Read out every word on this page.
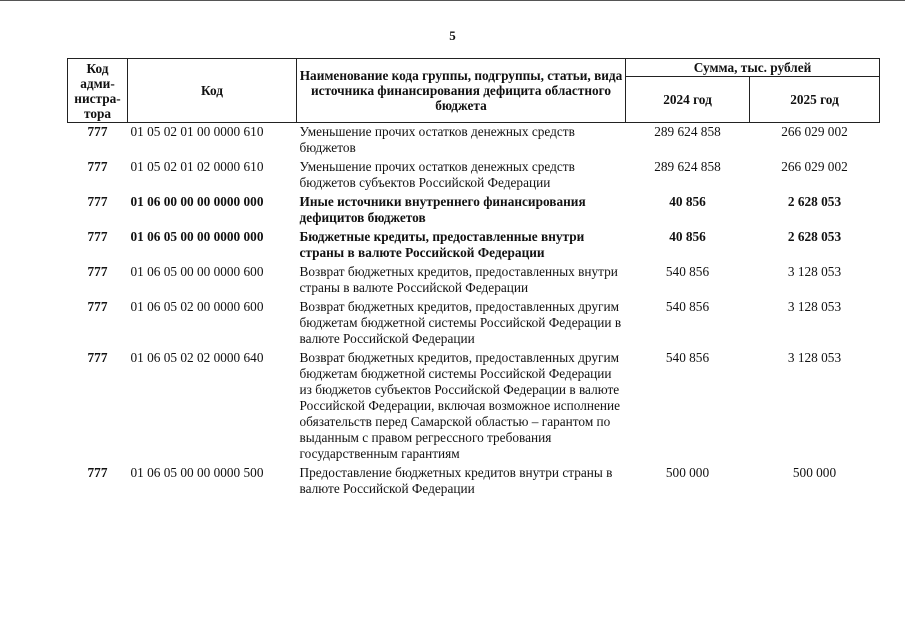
5
Код адми-нистра-тора	Код	Наименование кода группы, подгруппы, статьи, вида источника финансирования дефицита областного бюджета	Сумма, тыс. рублей	
			2024 год	2025 год
777	01 05 02 01 00 0000 610	Уменьшение прочих остатков денежных средств бюджетов	289 624 858	266 029 002
777	01 05 02 01 02 0000 610	Уменьшение прочих остатков денежных средств бюджетов субъектов Российской Федерации	289 624 858	266 029 002
777	01 06 00 00 00 0000 000	Иные источники внутреннего финансирования дефицитов бюджетов	40 856	2 628 053
777	01 06 05 00 00 0000 000	Бюджетные кредиты, предоставленные внутри страны в валюте Российской Федерации	40 856	2 628 053
777	01 06 05 00 00 0000 600	Возврат бюджетных кредитов, предоставленных внутри страны в валюте Российской Федерации	540 856	3 128 053
777	01 06 05 02 00 0000 600	Возврат бюджетных кредитов, предоставленных другим бюджетам бюджетной системы Российской Федерации в валюте Российской Федерации	540 856	3 128 053
777	01 06 05 02 02 0000 640	Возврат бюджетных кредитов, предоставленных другим бюджетам бюджетной системы Российской Федерации из бюджетов субъектов Российской Федерации в валюте Российской Федерации, включая возможное исполнение обязательств перед Самарской областью – гарантом по выданным с правом регрессного требования государственным гарантиям	540 856	3 128 053
777	01 06 05 00 00 0000 500	Предоставление бюджетных кредитов внутри страны в валюте Российской Федерации	500 000	500 000
